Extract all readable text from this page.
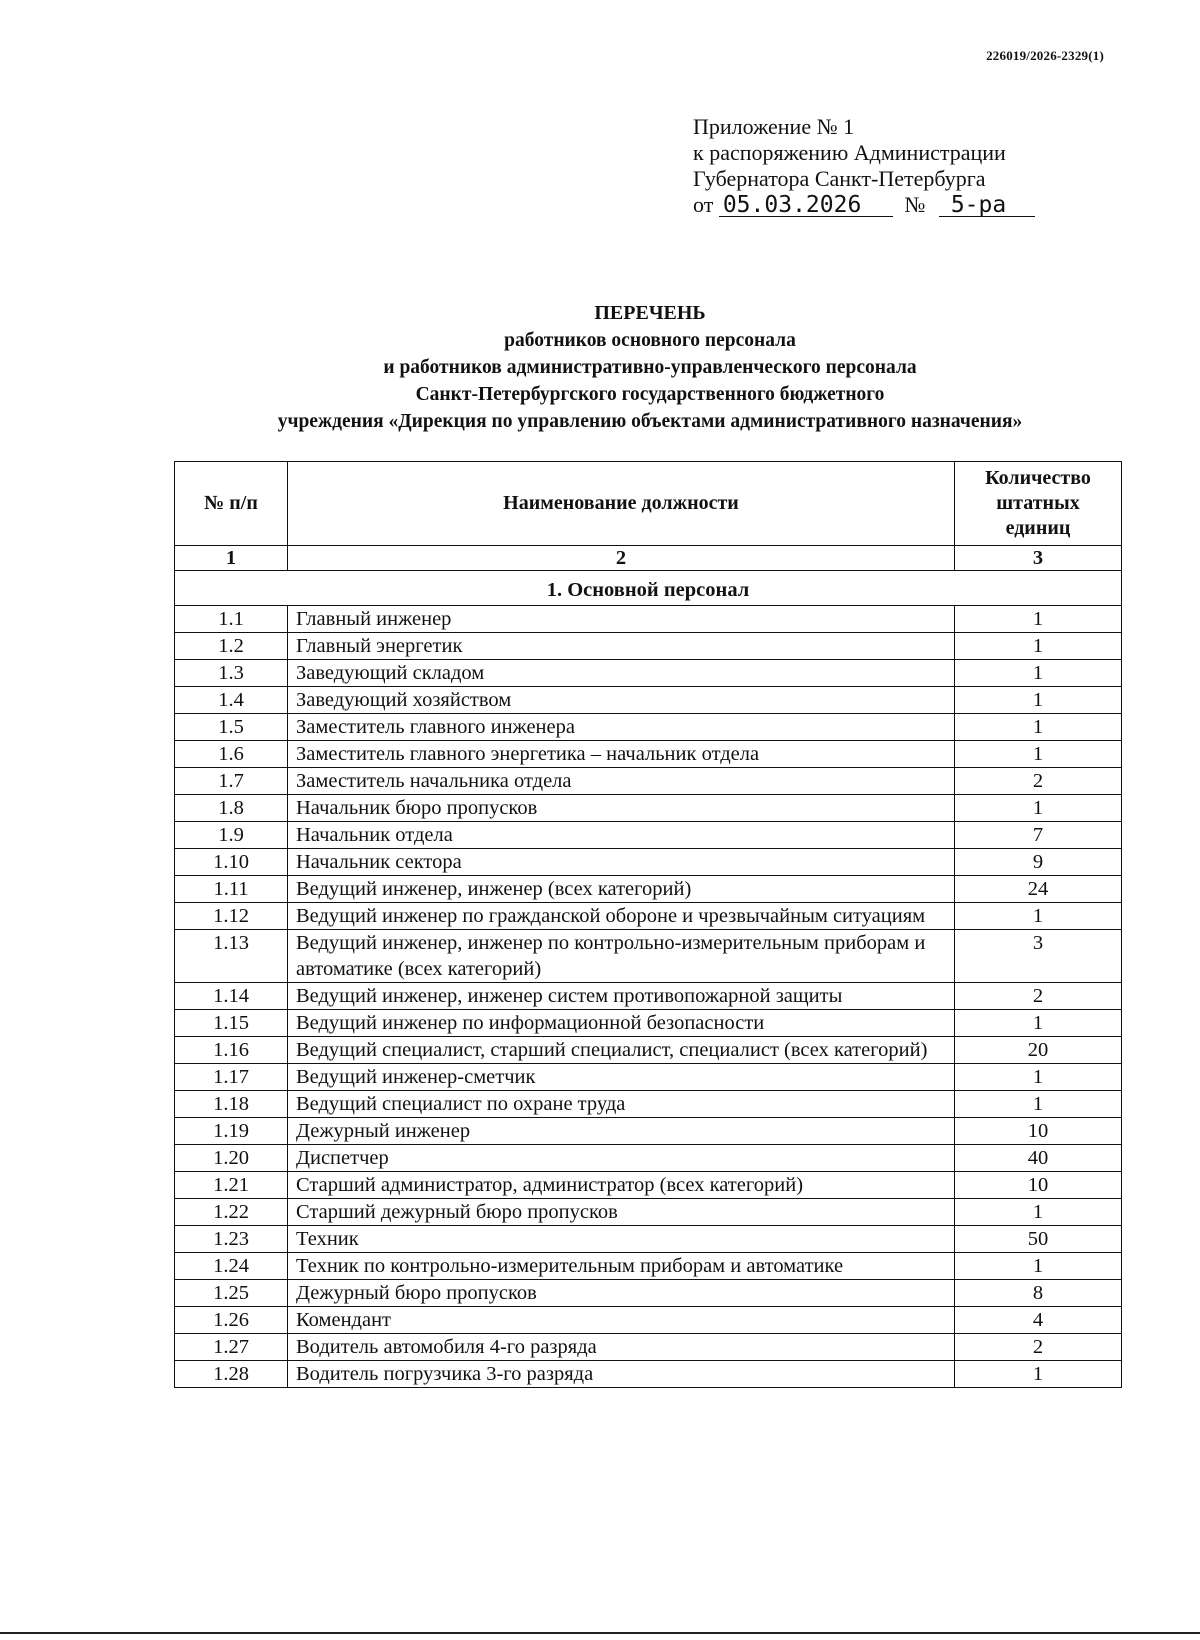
226019/2026-2329(1)
Приложение № 1
к распоряжению Администрации
Губернатора Санкт-Петербурга
от 05.03.2026 № 5-ра
ПЕРЕЧЕНЬ
работников основного персонала
и работников административно-управленческого персонала
Санкт-Петербургского государственного бюджетного
учреждения «Дирекция по управлению объектами административного назначения»
№ п/п	Наименование должности	Количество штатных единиц
1	2	3
1. Основной персонал		
1.1	Главный инженер	1
1.2	Главный энергетик	1
1.3	Заведующий складом	1
1.4	Заведующий хозяйством	1
1.5	Заместитель главного инженера	1
1.6	Заместитель главного энергетика – начальник отдела	1
1.7	Заместитель начальника отдела	2
1.8	Начальник бюро пропусков	1
1.9	Начальник отдела	7
1.10	Начальник сектора	9
1.11	Ведущий инженер, инженер (всех категорий)	24
1.12	Ведущий инженер по гражданской обороне и чрезвычайным ситуациям	1
1.13	Ведущий инженер, инженер по контрольно-измерительным приборам и автоматике (всех категорий)	3
1.14	Ведущий инженер, инженер систем противопожарной защиты	2
1.15	Ведущий инженер по информационной безопасности	1
1.16	Ведущий специалист, старший специалист, специалист (всех категорий)	20
1.17	Ведущий инженер-сметчик	1
1.18	Ведущий специалист по охране труда	1
1.19	Дежурный инженер	10
1.20	Диспетчер	40
1.21	Старший администратор, администратор (всех категорий)	10
1.22	Старший дежурный бюро пропусков	1
1.23	Техник	50
1.24	Техник по контрольно-измерительным приборам и автоматике	1
1.25	Дежурный бюро пропусков	8
1.26	Комендант	4
1.27	Водитель автомобиля 4-го разряда	2
1.28	Водитель погрузчика 3-го разряда	1
